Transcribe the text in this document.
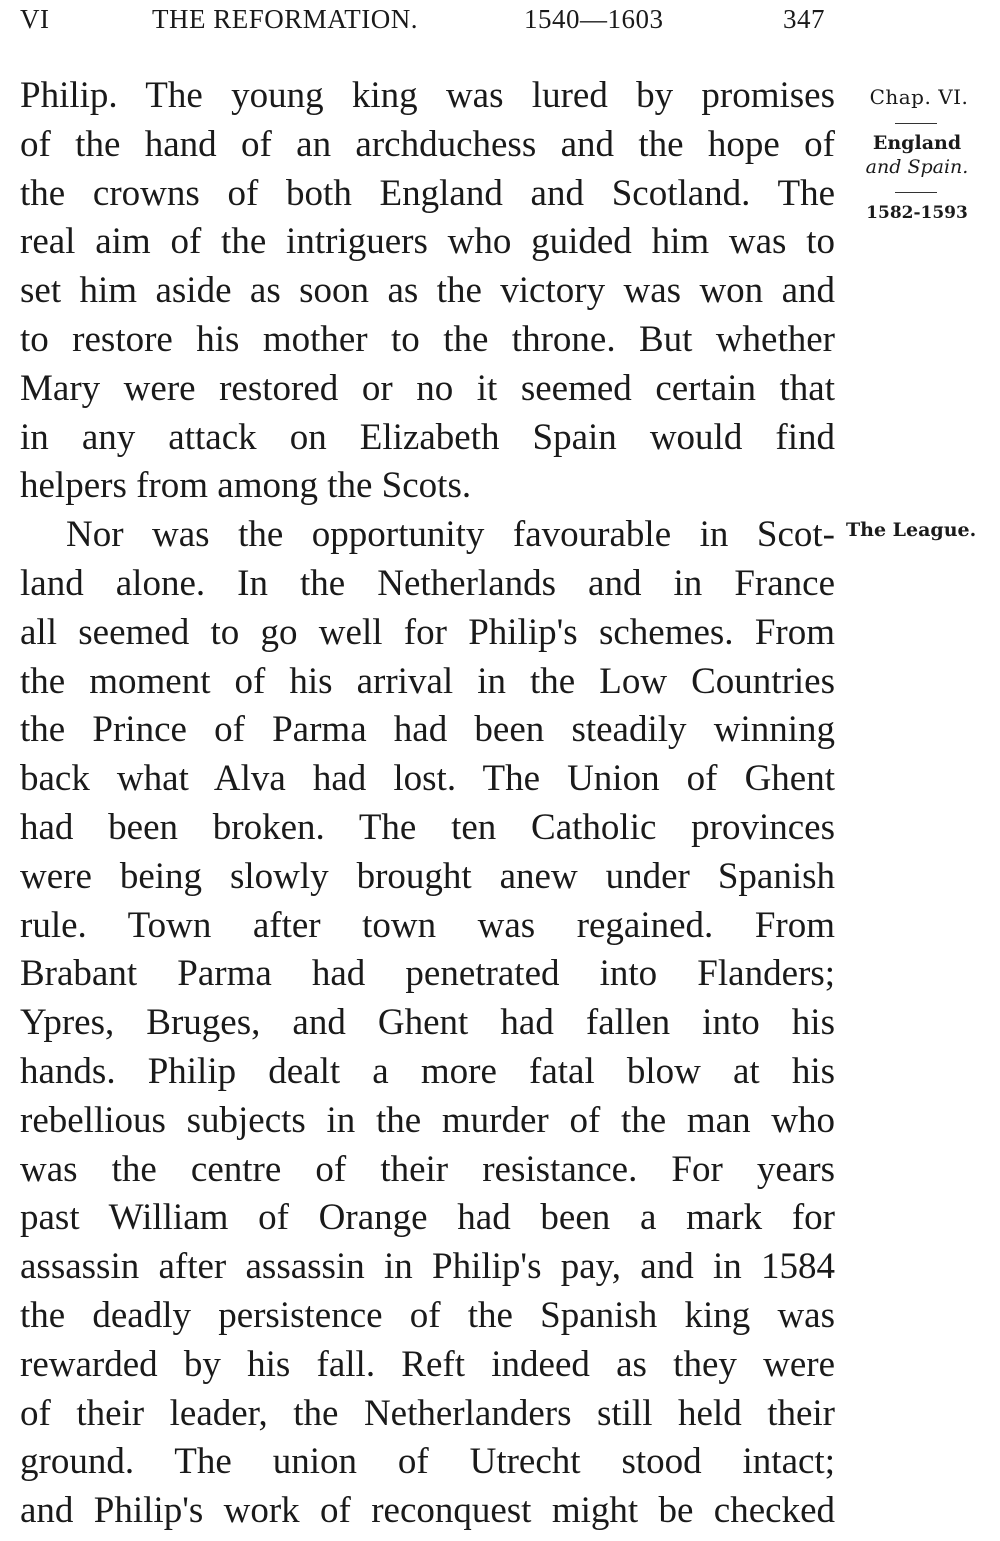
VI	THE REFORMATION.	1540—1603	347
Chap. VI.
England
and Spain.
1582-1593
The League.
Philip. The young king was lured by promises
of the hand of an archduchess and the hope of
the crowns of both England and Scotland. The
real aim of the intriguers who guided him was to
set him aside as soon as the victory was won and
to restore his mother to the throne. But whether
Mary were restored or no it seemed certain that
in any attack on Elizabeth Spain would find
helpers from among the Scots.
Nor was the opportunity favourable in Scot-
land alone. In the Netherlands and in France
all seemed to go well for Philip's schemes. From
the moment of his arrival in the Low Countries
the Prince of Parma had been steadily winning
back what Alva had lost. The Union of Ghent
had been broken. The ten Catholic provinces
were being slowly brought anew under Spanish
rule. Town after town was regained. From
Brabant Parma had penetrated into Flanders;
Ypres, Bruges, and Ghent had fallen into his
hands. Philip dealt a more fatal blow at his
rebellious subjects in the murder of the man who
was the centre of their resistance. For years
past William of Orange had been a mark for
assassin after assassin in Philip's pay, and in 1584
the deadly persistence of the Spanish king was
rewarded by his fall. Reft indeed as they were
of their leader, the Netherlanders still held their
ground. The union of Utrecht stood intact;
and Philip's work of reconquest might be checked
